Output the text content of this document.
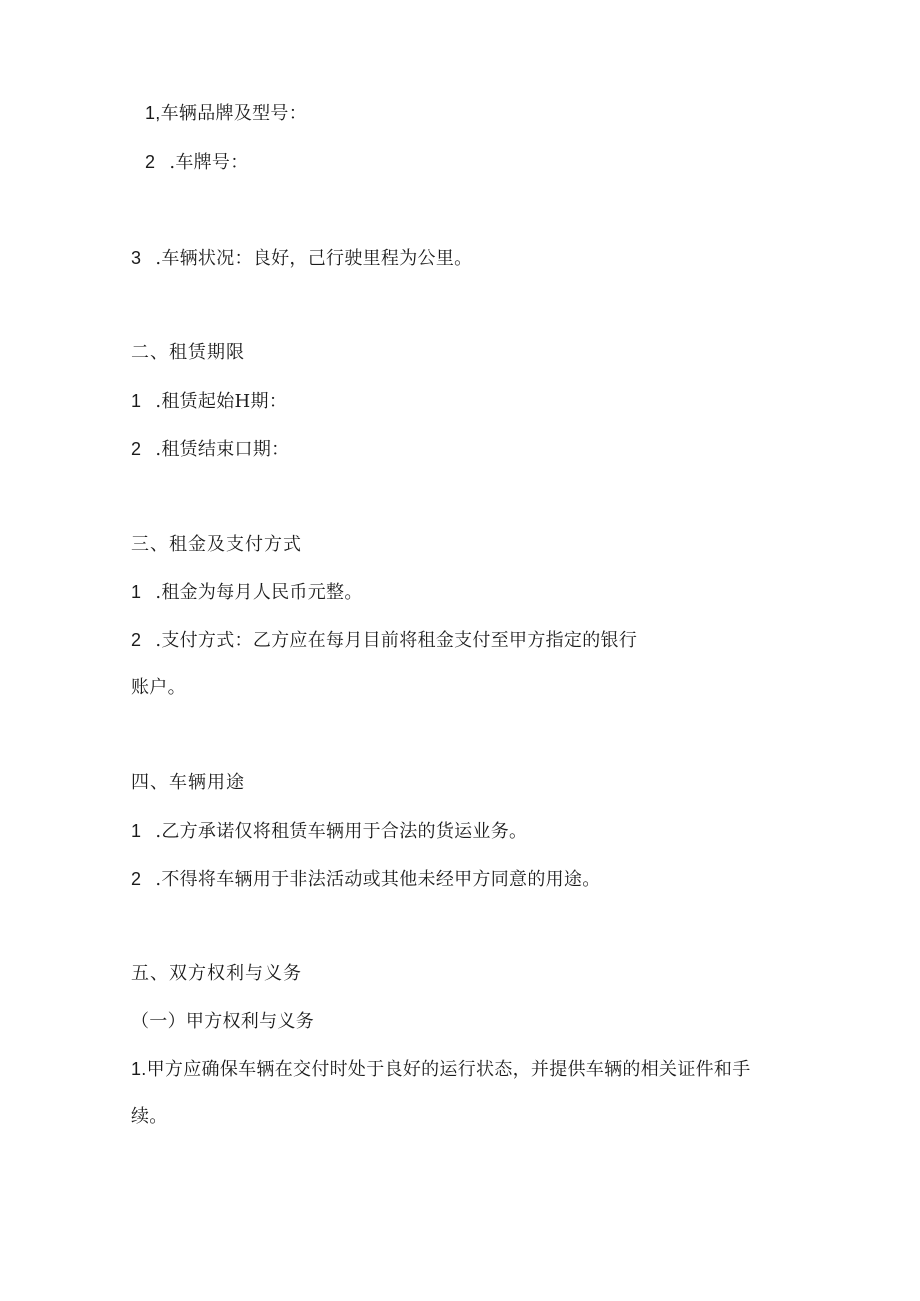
1,车辆品牌及型号：
2 .车牌号：
3 .车辆状况：良好，己行驶里程为公里。
二、租赁期限
1 .租赁起始H期：
2 .租赁结束口期：
三、租金及支付方式
1 .租金为每月人民币元整。
2 .支付方式：乙方应在每月目前将租金支付至甲方指定的银行
账户。
四、车辆用途
1 .乙方承诺仅将租赁车辆用于合法的货运业务。
2 .不得将车辆用于非法活动或其他未经甲方同意的用途。
五、双方权利与义务
（一）甲方权利与义务
1.甲方应确保车辆在交付时处于良好的运行状态，并提供车辆的相关证件和手
续。
